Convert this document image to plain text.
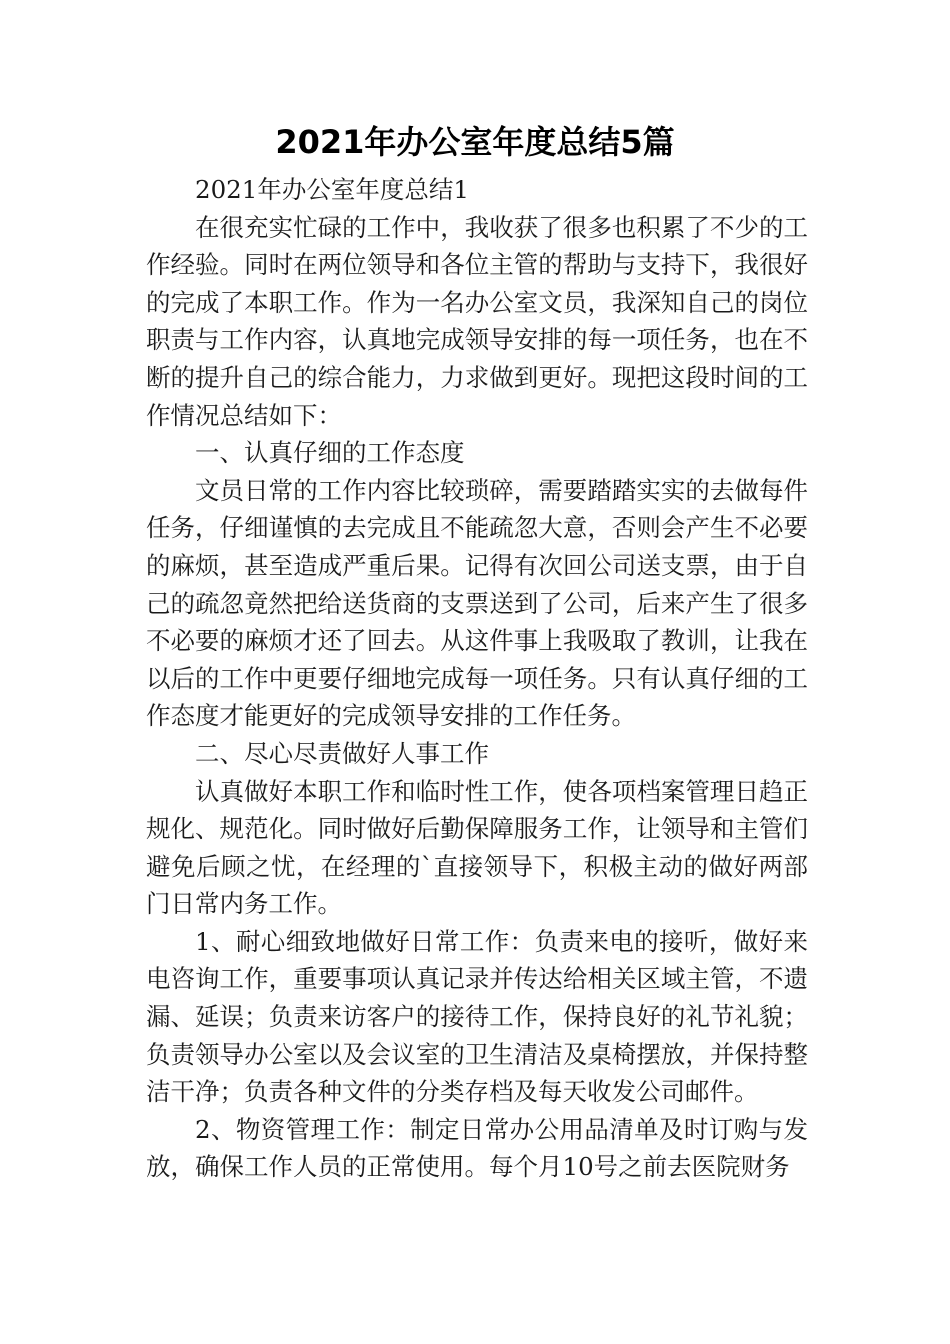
2021年办公室年度总结5篇

2021年办公室年度总结1

在很充实忙碌的工作中，我收获了很多也积累了不少的工作经验。同时在两位领导和各位主管的帮助与支持下，我很好的完成了本职工作。作为一名办公室文员，我深知自己的岗位职责与工作内容，认真地完成领导安排的每一项任务，也在不断的提升自己的综合能力，力求做到更好。现把这段时间的工作情况总结如下：

一、认真仔细的工作态度

文员日常的工作内容比较琐碎，需要踏踏实实的去做每件任务，仔细谨慎的去完成且不能疏忽大意，否则会产生不必要的麻烦，甚至造成严重后果。记得有次回公司送支票，由于自己的疏忽竟然把给送货商的支票送到了公司，后来产生了很多不必要的麻烦才还了回去。从这件事上我吸取了教训，让我在以后的工作中更要仔细地完成每一项任务。只有认真仔细的工作态度才能更好的完成领导安排的工作任务。

二、尽心尽责做好人事工作

认真做好本职工作和临时性工作，使各项档案管理日趋正规化、规范化。同时做好后勤保障服务工作，让领导和主管们避免后顾之忧，在经理的`直接领导下，积极主动的做好两部门日常内务工作。

1、耐心细致地做好日常工作：负责来电的接听，做好来电咨询工作，重要事项认真记录并传达给相关区域主管，不遗漏、延误；负责来访客户的接待工作，保持良好的礼节礼貌；负责领导办公室以及会议室的卫生清洁及桌椅摆放，并保持整洁干净；负责各种文件的分类存档及每天收发公司邮件。

2、物资管理工作：制定日常办公用品清单及时订购与发放，确保工作人员的正常使用。每个月10号之前去医院财务
